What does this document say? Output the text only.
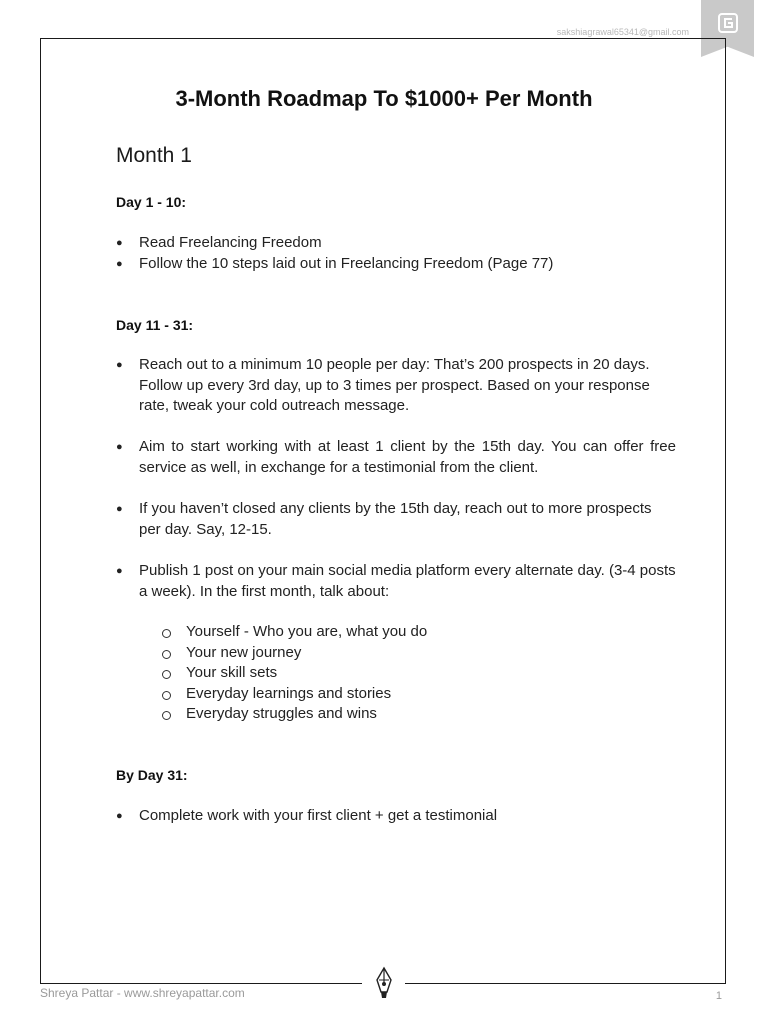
sakshiagrawal65341@gmail.com
3-Month Roadmap To $1000+ Per Month
Month 1
Day 1 - 10:
● Read Freelancing Freedom
● Follow the 10 steps laid out in Freelancing Freedom (Page 77)
Day 11 - 31:
● Reach out to a minimum 10 people per day: That’s 200 prospects in 20 days. Follow up every 3rd day, up to 3 times per prospect. Based on your response rate, tweak your cold outreach message.
● Aim to start working with at least 1 client by the 15th day. You can offer free service as well, in exchange for a testimonial from the client.
● If you haven’t closed any clients by the 15th day, reach out to more prospects per day. Say, 12-15.
● Publish 1 post on your main social media platform every alternate day. (3-4 posts a week). In the first month, talk about:
Yourself - Who you are, what you do
Your new journey
Your skill sets
Everyday learnings and stories
Everyday struggles and wins
By Day 31:
● Complete work with your first client + get a testimonial
Shreya Pattar - www.shreyapattar.com	1
